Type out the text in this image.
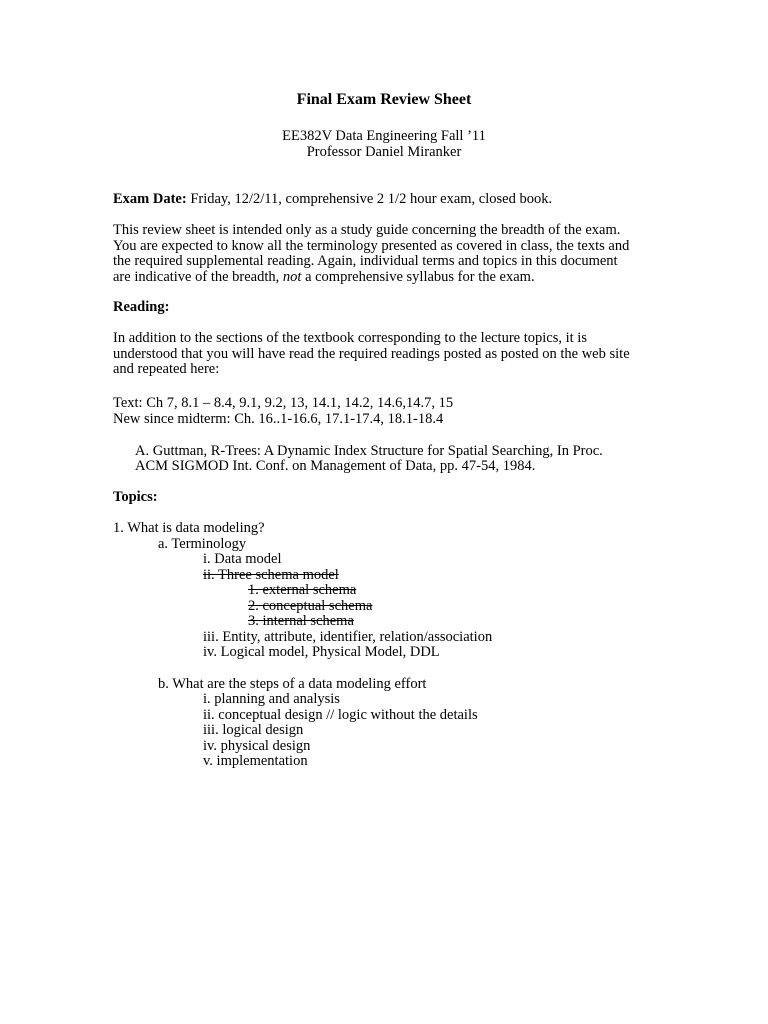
Final Exam Review Sheet
EE382V Data Engineering Fall ’11
Professor Daniel Miranker
Exam Date: Friday, 12/2/11, comprehensive 2 1/2 hour exam, closed book.
This review sheet is intended only as a study guide concerning the breadth of the exam.
You are expected to know all the terminology presented as covered in class, the texts and
the required supplemental reading. Again, individual terms and topics in this document
are indicative of the breadth, not a comprehensive syllabus for the exam.
Reading:
In addition to the sections of the textbook corresponding to the lecture topics, it is
understood that you will have read the required readings posted as posted on the web site
and repeated here:
Text: Ch 7, 8.1 – 8.4, 9.1, 9.2, 13, 14.1, 14.2, 14.6,14.7, 15
New since midterm: Ch. 16..1-16.6, 17.1-17.4, 18.1-18.4
A. Guttman, R-Trees: A Dynamic Index Structure for Spatial Searching, In Proc.
ACM SIGMOD Int. Conf. on Management of Data, pp. 47-54, 1984.
Topics:
1. What is data modeling?
a. Terminology
i. Data model
ii. Three schema model
1. external schema
2. conceptual schema
3. internal schema
iii. Entity, attribute, identifier, relation/association
iv. Logical model, Physical Model, DDL
b. What are the steps of a data modeling effort
i. planning and analysis
ii. conceptual design // logic without the details
iii. logical design
iv. physical design
v. implementation
